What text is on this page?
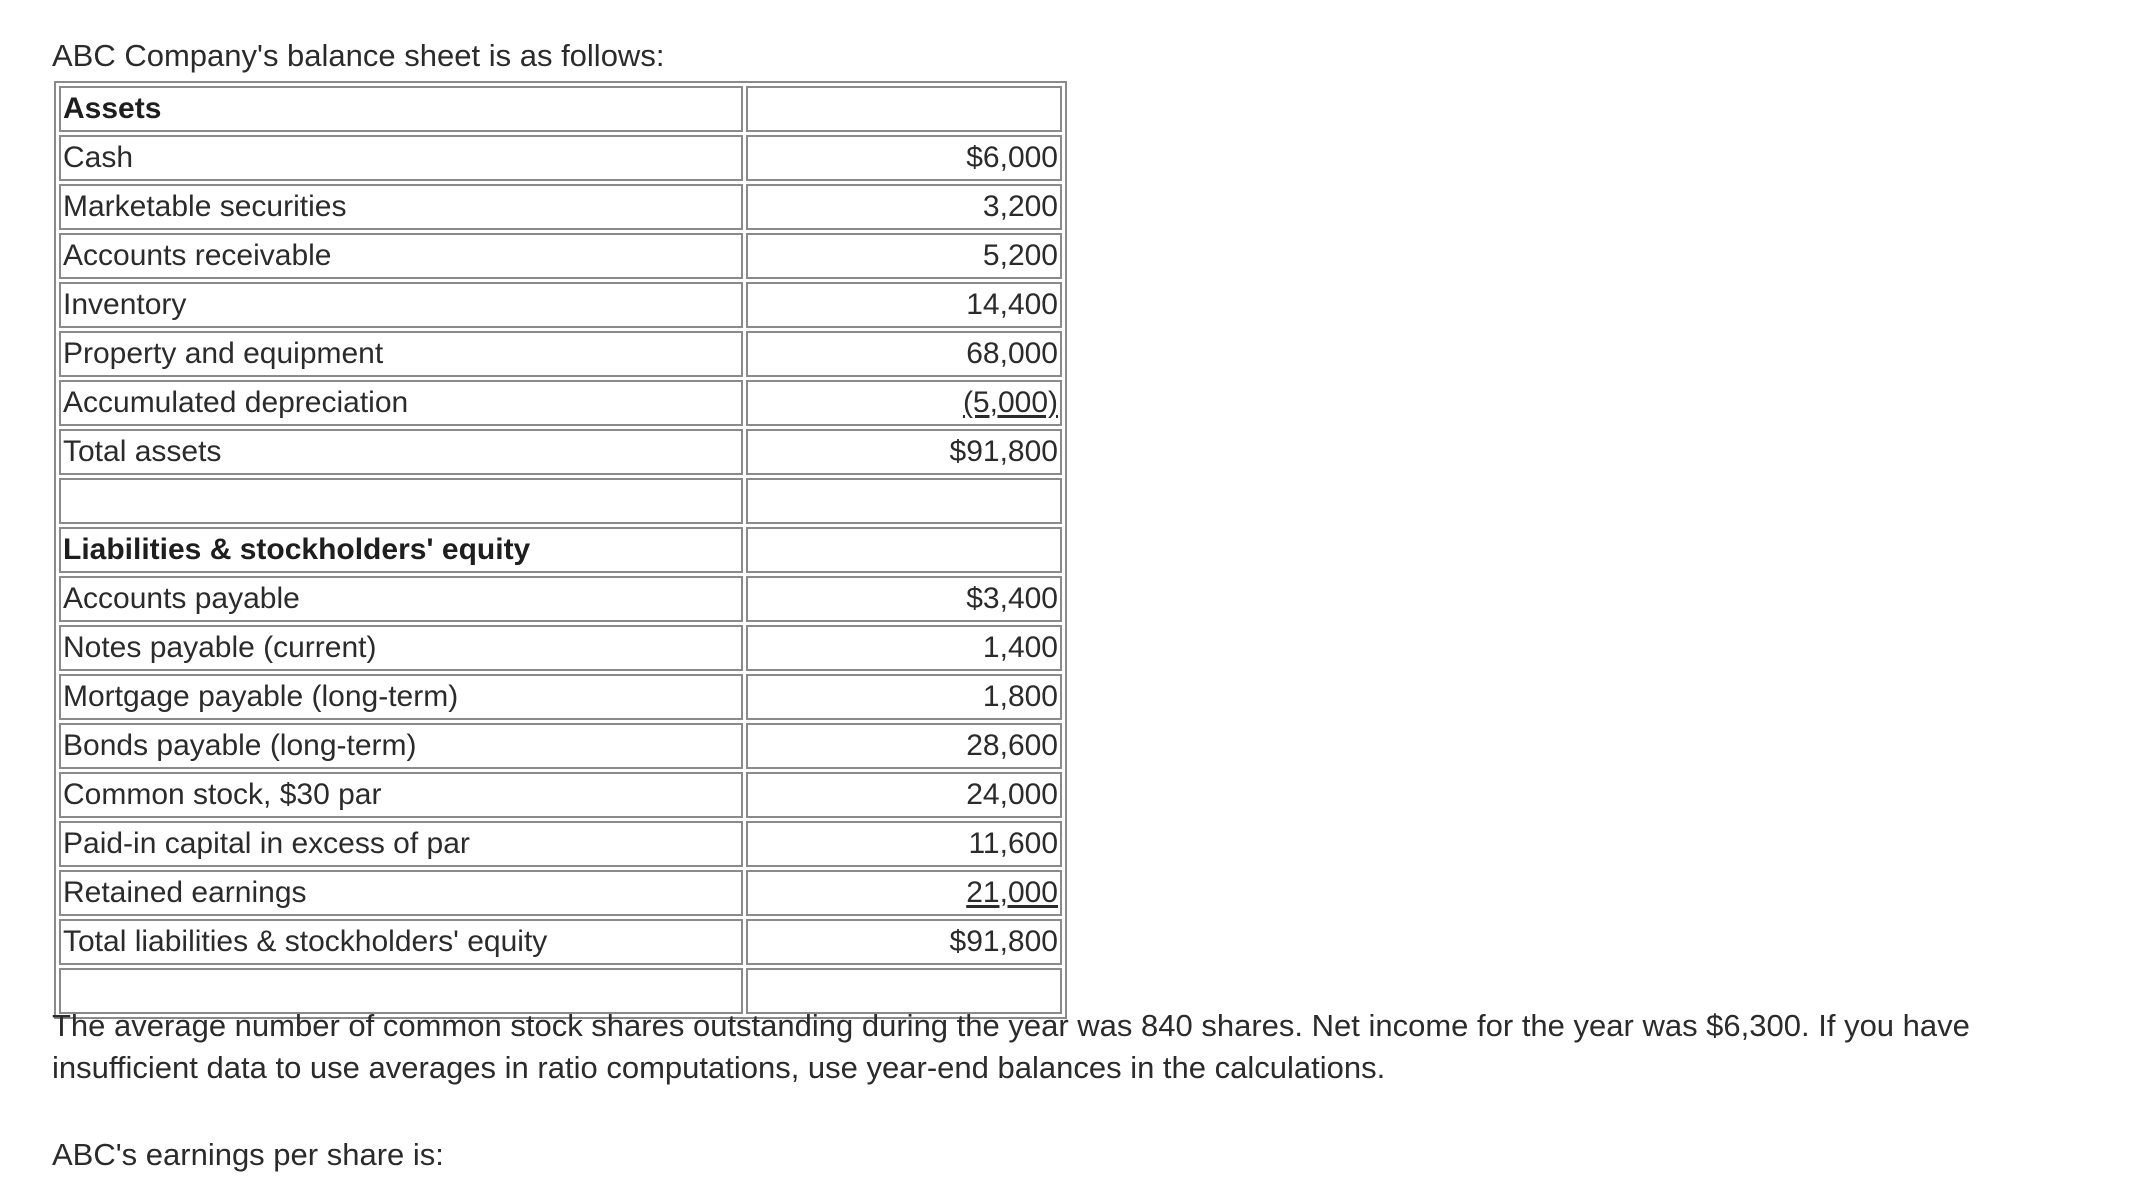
ABC Company's balance sheet is as follows:

Assets	
Cash	$6,000
Marketable securities	3,200
Accounts receivable	5,200
Inventory	14,400
Property and equipment	68,000
Accumulated depreciation	(5,000)
Total assets	$91,800

Liabilities & stockholders' equity	
Accounts payable	$3,400
Notes payable (current)	1,400
Mortgage payable (long-term)	1,800
Bonds payable (long-term)	28,600
Common stock, $30 par	24,000
Paid-in capital in excess of par	11,600
Retained earnings	21,000
Total liabilities & stockholders' equity	$91,800

The average number of common stock shares outstanding during the year was 840 shares. Net income for the year was $6,300. If you have insufficient data to use averages in ratio computations, use year-end balances in the calculations.

ABC's earnings per share is:
